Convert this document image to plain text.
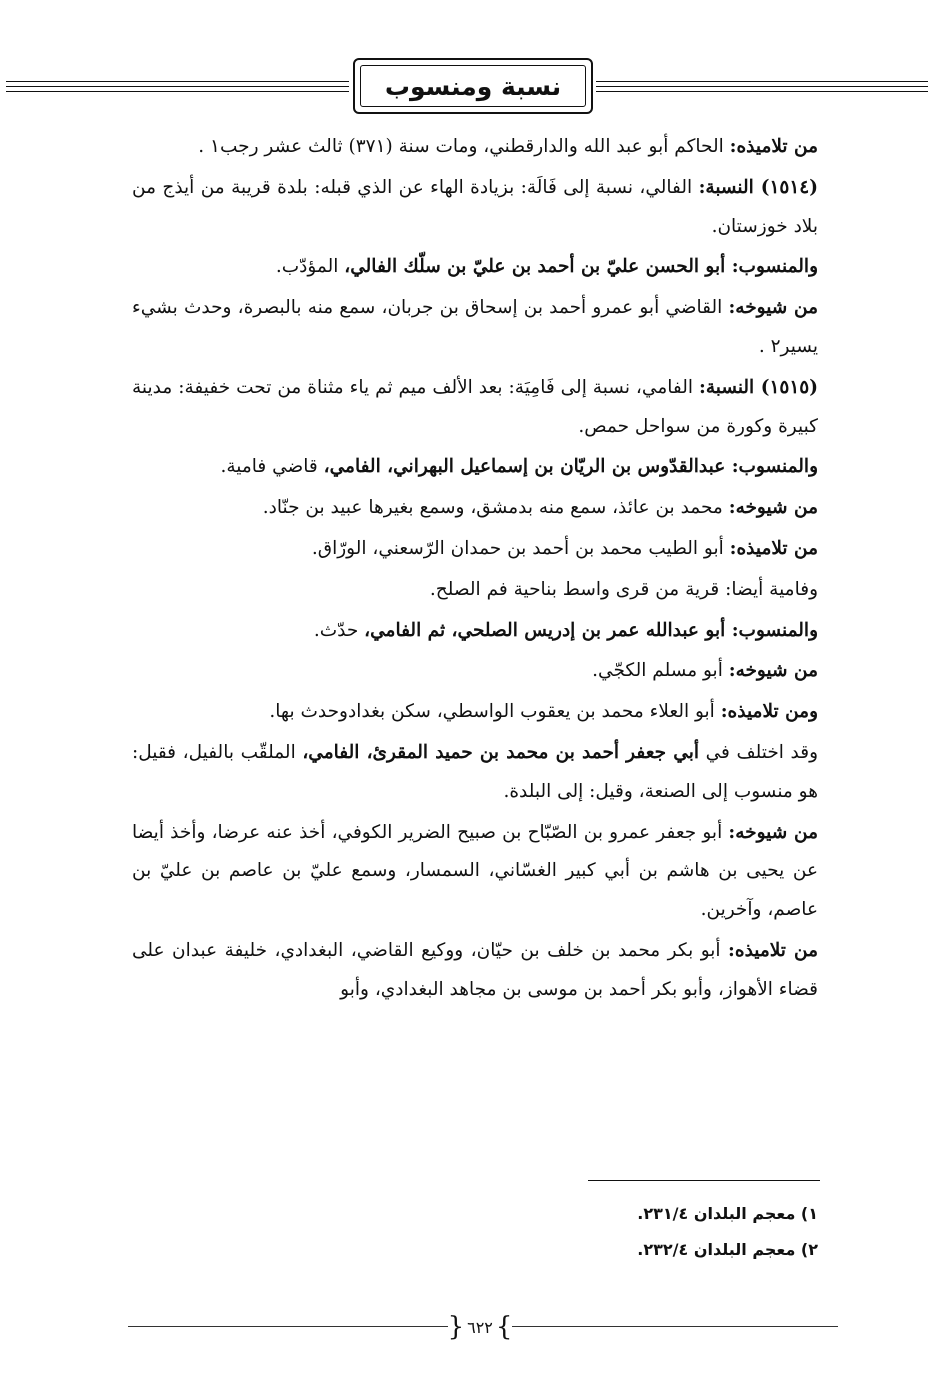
نسبة ومنسوب

من تلاميذه: الحاكم أبو عبد الله والدارقطني، ومات سنة (٣٧١) ثالث عشر رجب١ .

(١٥١٤) النسبة: الفالي، نسبة إلى فَالَة: بزيادة الهاء عن الذي قبله: بلدة قريبة من أيذج من بلاد خوزستان.

والمنسوب: أبو الحسن عليّ بن أحمد بن عليّ بن سلّك الفالي، المؤدّب.

من شيوخه: القاضي أبو عمرو أحمد بن إسحاق بن جربان، سمع منه بالبصرة، وحدث بشيء يسير٢ .

(١٥١٥) النسبة: الفامي، نسبة إلى فَامِيَة: بعد الألف ميم ثم ياء مثناة من تحت خفيفة: مدينة كبيرة وكورة من سواحل حمص.

والمنسوب: عبدالقدّوس بن الريّان بن إسماعيل البهراني، الفامي، قاضي فامية.

من شيوخه: محمد بن عائذ، سمع منه بدمشق، وسمع بغيرها عبيد بن جنّاد.

من تلاميذه: أبو الطيب محمد بن أحمد بن حمدان الرّسعني، الورّاق.

وفامية أيضا: قرية من قرى واسط بناحية فم الصلح.

والمنسوب: أبو عبدالله عمر بن إدريس الصلحي، ثم الفامي، حدّث.

من شيوخه: أبو مسلم الكجّي.

ومن تلاميذه: أبو العلاء محمد بن يعقوب الواسطي، سكن بغدادوحدث بها.

وقد اختلف في أبي جعفر أحمد بن محمد بن حميد المقرئ، الفامي، الملقّب بالفيل، فقيل: هو منسوب إلى الصنعة، وقيل: إلى البلدة.

من شيوخه: أبو جعفر عمرو بن الصّبّاح بن صبيح الضرير الكوفي، أخذ عنه عرضا، وأخذ أيضا عن يحيى بن هاشم بن أبي كبير الغسّاني، السمسار، وسمع عليّ بن عاصم بن عليّ بن عاصم، وآخرين.

من تلاميذه: أبو بكر محمد بن خلف بن حيّان، ووكيع القاضي، البغدادي، خليفة عبدان على قضاء الأهواز، وأبو بكر أحمد بن موسى بن مجاهد البغدادي، وأبو

١) معجم البلدان ٢٣١/٤.
٢) معجم البلدان ٢٣٢/٤.
}
٦٢٢
{
